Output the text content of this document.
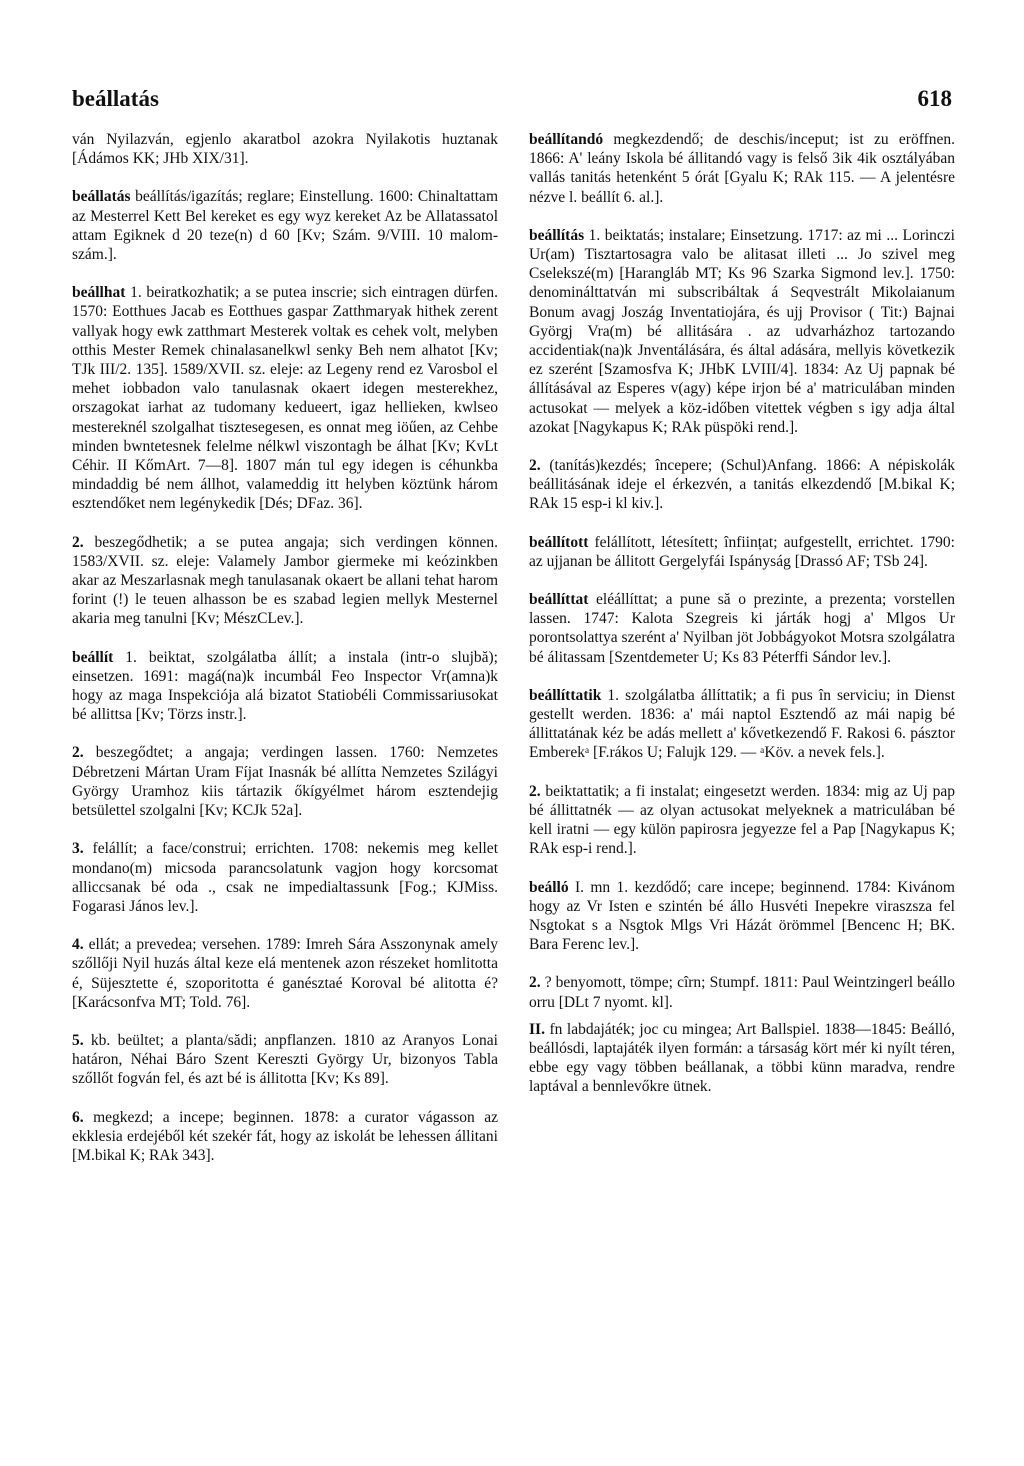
beállatás	618

ván Nyilazván, egjenlo akaratbol azokra Nyilakotis huztanak [Ádámos KK; JHb XIX/31].

beállatás beállítás/igazítás; reglare; Einstellung. 1600: Chinaltattam az Mesterrel Kett Bel kereket es egy wyz kereket Az be Allatassatol attam Egiknek d 20 teze(n) d 60 [Kv; Szám. 9/VIII. 10 malom-szám.].

beállhat 1. beiratkozhatik; a se putea inscrie; sich eintragen dürfen. 1570: Eotthues Jacab es Eotthues gaspar Zatthmaryak hithek zerent vallyak hogy ewk zatthmart Mesterek voltak es cehek volt, melyben otthis Mester Remek chinalasanelkwl senky Beh nem alhatot [Kv; TJk III/2. 135]. 1589/XVII. sz. eleje: az Legeny rend ez Varosbol el mehet iobbadon valo tanulasnak okaert idegen mesterekhez, orszagokat iarhat az tudomany kedueert, igaz hellieken, kwlseo mestereknél szolgalhat tisztesegesen, es onnat meg iöűen, az Cehbe minden bwntetesnek felelme nélkwl viszontagh be álhat [Kv; KvLt Céhir. II KőmArt. 7—8]. 1807 mán tul egy idegen is céhunkba mindaddig bé nem állhot, valameddig itt helyben köztünk három esztendőket nem legénykedik [Dés; DFaz. 36].

2. beszegődhetik; a se putea angaja; sich verdingen können. 1583/XVII. sz. eleje: Valamely Jambor giermeke mi keózinkben akar az Meszarlasnak megh tanulasanak okaert be allani tehat harom forint (!) le teuen alhasson be es szabad legien mellyk Mesternel akaria meg tanulni [Kv; MészCLev.].

beállít 1. beiktat, szolgálatba állít; a instala (intr-o slujbă); einsetzen. 1691: magá(na)k incumbál Feo Inspector Vr(amna)k hogy az maga Inspekciója alá bizatot Statiobéli Commissariusokat bé allittsa [Kv; Törzs instr.].

2. beszegődtet; a angaja; verdingen lassen. 1760: Nemzetes Débretzeni Mártan Uram Fíjat Inasnák bé allítta Nemzetes Szilágyi György Uramhoz kiis tártazik őkígyélmet három esztendejig betsülettel szolgalni [Kv; KCJk 52a].

3. felállít; a face/construi; errichten. 1708: nekemis meg kellet mondano(m) micsoda parancsolatunk vagjon hogy korcsomat alliccsanak bé oda ., csak ne impedialtassunk [Fog.; KJMiss. Fogarasi János lev.].

4. ellát; a prevedea; versehen. 1789: Imreh Sára Asszonynak amely szőllőji Nyil huzás által keze elá mentenek azon részeket homlitotta é, Süjesztette é, szoporitotta é ganésztaé Koroval bé alitotta é? [Karácsonfva MT; Told. 76].

5. kb. beültet; a planta/sădi; anpflanzen. 1810 az Aranyos Lonai határon, Néhai Báro Szent Kereszti György Ur, bizonyos Tabla szőllőt fogván fel, és azt bé is állitotta [Kv; Ks 89].

6. megkezd; a incepe; beginnen. 1878: a curator vágasson az ekklesia erdejéből két szekér fát, hogy az iskolát be lehessen állitani [M.bikal K; RAk 343].

beállítandó megkezdendő; de deschis/inceput; ist zu eröffnen. 1866: A' leány Iskola bé állitandó vagy is felső 3ik 4ik osztályában vallás tanitás hetenként 5 órát [Gyalu K; RAk 115. — A jelentésre nézve l. beállít 6. al.].

beállítás 1. beiktatás; instalare; Einsetzung. 1717: az mi ... Lorinczi Ur(am) Tisztartosagra valo be alitasat illeti ... Jo szivel meg Cselekszé(m) [Harangláb MT; Ks 96 Szarka Sigmond lev.]. 1750: denominálttatván mi subscribáltak á Seqvestrált Mikolaianum Bonum avagj Joszág Inventatiojára, és ujj Provisor ( Tit:) Bajnai Györgj Vra(m) bé allitására . az udvarházhoz tartozando accidentiak(na)k Jnventálására, és által adására, mellyis következik ez szerént [Szamosfva K; JHbK LVIII/4]. 1834: Az Uj papnak bé állításával az Esperes v(agy) képe irjon bé a' matriculában minden actusokat — melyek a köz-időben vitettek végben s igy adja által azokat [Nagykapus K; RAk püspöki rend.].

2. (tanítás)kezdés; începere; (Schul)Anfang. 1866: A népiskolák beállitásának ideje el érkezvén, a tanitás elkezdendő [M.bikal K; RAk 15 esp-i kl kiv.].

beállított felállított, létesített; înființat; aufgestellt, errichtet. 1790: az ujjanan be állitott Gergelyfái Ispányság [Drassó AF; TSb 24].

beállíttat eléállíttat; a pune să o prezinte, a prezenta; vorstellen lassen. 1747: Kalota Szegreis ki járták hogj a' Mlgos Ur porontsolattya szerént a' Nyilban jöt Jobbágyokot Motsra szolgálatra bé álitassam [Szentdemeter U; Ks 83 Péterffi Sándor lev.].

beállíttatik 1. szolgálatba állíttatik; a fi pus în serviciu; in Dienst gestellt werden. 1836: a' mái naptol Esztendő az mái napig bé állittatának kéz be adás mellett a' kővetkezendő F. Rakosi 6. pásztor Emberekᵃ [F.rákos U; Faluјk 129. — ᵃKöv. a nevek fels.].

2. beiktattatik; a fi instalat; eingesetzt werden. 1834: mig az Uj pap bé állittatnék — az olyan actusokat melyeknek a matriculában bé kell iratni — egy külön papirosra jegyezze fel a Pap [Nagykapus K; RAk esp-i rend.].

beálló I. mn 1. kezdődő; care incepe; beginnend. 1784: Kivánom hogy az Vr Isten e szintén bé állo Husvéti Inepekre viraszsza fel Nsgtokat s a Nsgtok Mlgs Vri Házát örömmel [Bencenc H; BK. Bara Ferenc lev.].

2. ? benyomott, tömpe; cîrn; Stumpf. 1811: Paul Weintzingerl beállo orru [DLt 7 nyomt. kl].

II. fn labdajáték; joc cu mingea; Art Ballspiel. 1838—1845: Beálló, beállósdi, laptajáték ilyen formán: a társaság kört mér ki nyílt téren, ebbe egy vagy többen beállanak, a többi künn maradva, rendre laptával a bennlevőkre ütnek.
